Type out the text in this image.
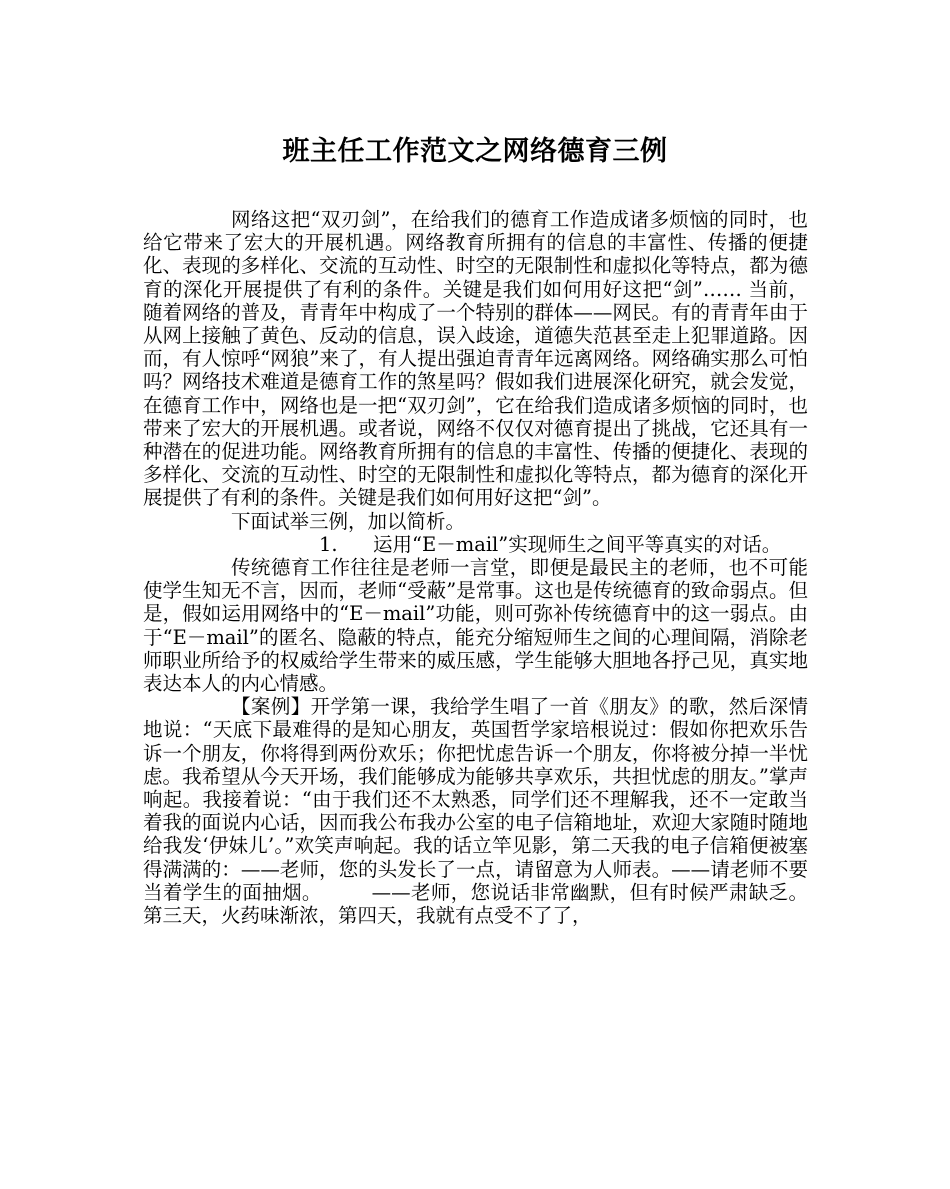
班主任工作范文之网络德育三例

网络这把“双刃剑”，在给我们的德育工作造成诸多烦恼的同时，也给它带来了宏大的开展机遇。网络教育所拥有的信息的丰富性、传播的便捷化、表现的多样化、交流的互动性、时空的无限制性和虚拟化等特点，都为德育的深化开展提供了有利的条件。关键是我们如何用好这把“剑”…… 当前，随着网络的普及，青青年中构成了一个特别的群体——网民。有的青青年由于从网上接触了黄色、反动的信息，误入歧途，道德失范甚至走上犯罪道路。因而，有人惊呼“网狼”来了，有人提出强迫青青年远离网络。网络确实那么可怕吗？网络技术难道是德育工作的煞星吗？假如我们进展深化研究，就会发觉，在德育工作中，网络也是一把“双刃剑”，它在给我们造成诸多烦恼的同时，也带来了宏大的开展机遇。或者说，网络不仅仅对德育提出了挑战，它还具有一种潜在的促进功能。网络教育所拥有的信息的丰富性、传播的便捷化、表现的多样化、交流的互动性、时空的无限制性和虚拟化等特点，都为德育的深化开展提供了有利的条件。关键是我们如何用好这把“剑”。

下面试举三例，加以简析。

1. 运用“E－mail”实现师生之间平等真实的对话。

传统德育工作往往是老师一言堂，即便是最民主的老师，也不可能使学生知无不言，因而，老师“受蔽”是常事。这也是传统德育的致命弱点。但是，假如运用网络中的“E－mail”功能，则可弥补传统德育中的这一弱点。由于“E－mail”的匿名、隐蔽的特点，能充分缩短师生之间的心理间隔，消除老师职业所给予的权威给学生带来的威压感，学生能够大胆地各抒己见，真实地表达本人的内心情感。

【案例】开学第一课，我给学生唱了一首《朋友》的歌，然后深情地说：“天底下最难得的是知心朋友，英国哲学家培根说过：假如你把欢乐告诉一个朋友，你将得到两份欢乐；你把忧虑告诉一个朋友，你将被分掉一半忧虑。我希望从今天开场，我们能够成为能够共享欢乐，共担忧虑的朋友。”掌声响起。我接着说：“由于我们还不太熟悉，同学们还不理解我，还不一定敢当着我的面说内心话，因而我公布我办公室的电子信箱地址，欢迎大家随时随地给我发‘伊妹儿’。”欢笑声响起。我的话立竿见影，第二天我的电子信箱便被塞得满满的：——老师，您的头发长了一点，请留意为人师表。——请老师不要当着学生的面抽烟。　　　——老师，您说话非常幽默，但有时候严肃缺乏。第三天，火药味渐浓，第四天，我就有点受不了了，
